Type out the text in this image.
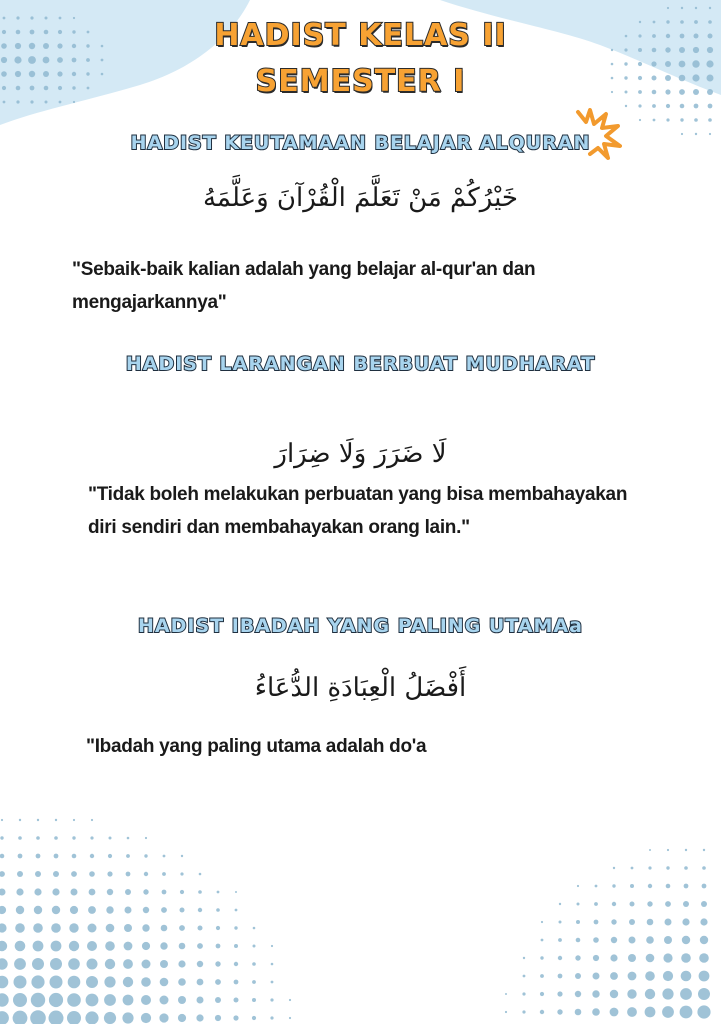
HADIST KELAS II
SEMESTER I
HADIST KEUTAMAAN BELAJAR ALQURAN
خَيْرُكُمْ مَنْ تَعَلَّمَ الْقُرْآنَ وَعَلَّمَهُ
"Sebaik-baik kalian adalah yang belajar al-qur'an dan mengajarkannya"
HADIST LARANGAN BERBUAT MUDHARAT
لَا ضَرَرَ وَلَا ضِرَارَ
"Tidak boleh melakukan perbuatan yang bisa membahayakan diri sendiri dan membahayakan orang lain."
HADIST IBADAH YANG PALING UTAMAa
أَفْضَلُ الْعِبَادَةِ الدُّعَاءُ
"Ibadah yang paling utama adalah do'a
